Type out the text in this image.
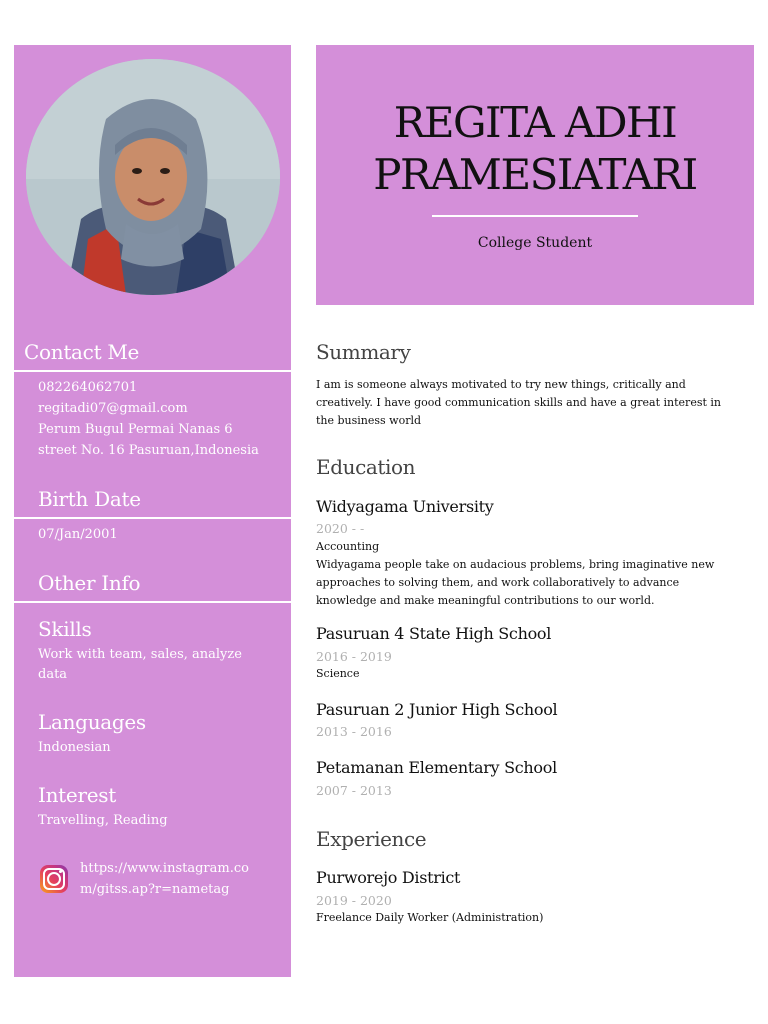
Contact Me
082264062701
regitadi07@gmail.com
Perum Bugul Permai Nanas 6
street No. 16 Pasuruan,Indonesia
Birth Date
07/Jan/2001
Other Info
Skills
Work with team, sales, analyze
data
Languages
Indonesian
Interest
Travelling, Reading
https://www.instagram.co
m/gitss.ap?r=nametag
REGITA ADHI
PRAMESIATARI
College Student
Summary
I am is someone always motivated to try new things, critically and
creatively. I have good communication skills and have a great interest in
the business world
Education
Widyagama University
2020 - -
Accounting
Widyagama people take on audacious problems, bring imaginative new
approaches to solving them, and work collaboratively to advance
knowledge and make meaningful contributions to our world.
Pasuruan 4 State High School
2016 - 2019
Science
Pasuruan 2 Junior High School
2013 - 2016
Petamanan Elementary School
2007 - 2013
Experience
Purworejo District
2019 - 2020
Freelance Daily Worker (Administration)
